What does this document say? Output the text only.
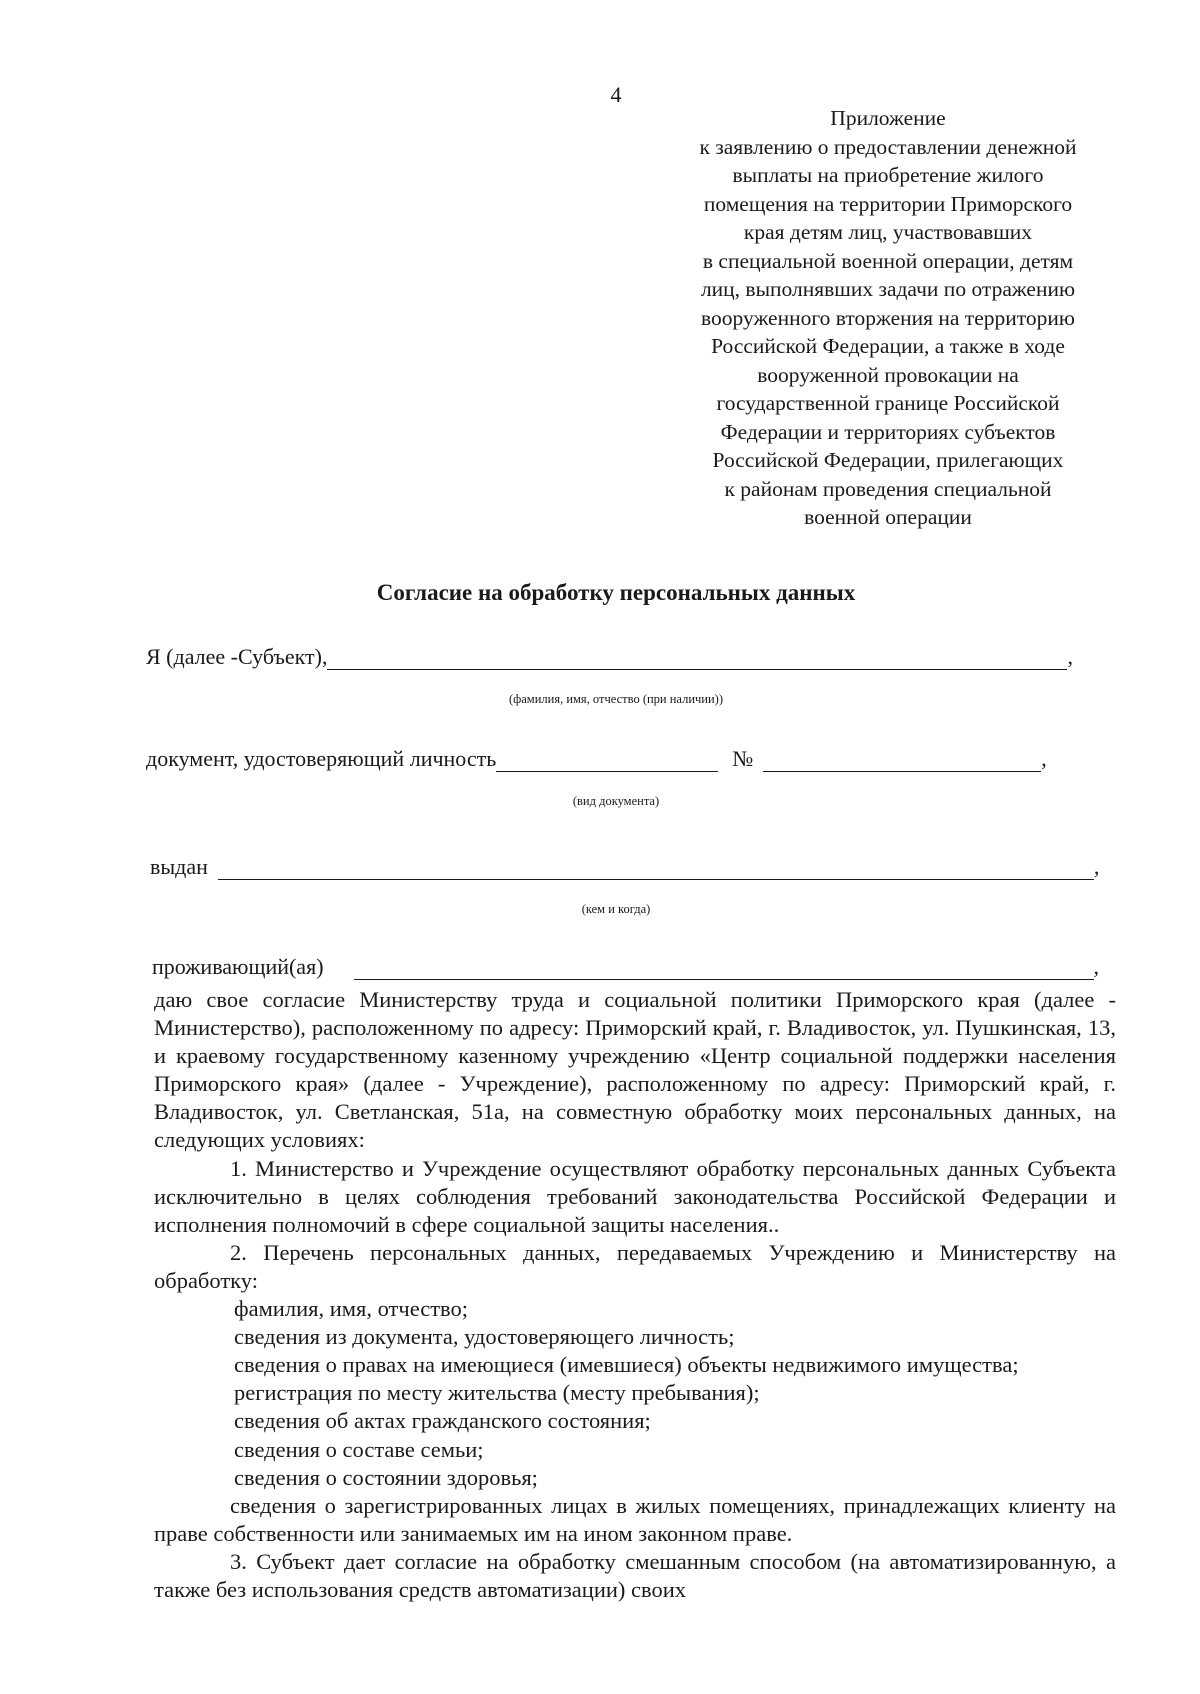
4
Приложение
к заявлению о предоставлении денежной
выплаты на приобретение жилого
помещения на территории Приморского
края детям лиц, участвовавших
в специальной военной операции, детям
лиц, выполнявших задачи по отражению
вооруженного вторжения на территорию
Российской Федерации, а также в ходе
вооруженной провокации на
государственной границе Российской
Федерации и территориях субъектов
Российской Федерации, прилегающих
к районам проведения специальной
военной операции
Согласие на обработку персональных данных
Я (далее -Субъект),	,
(фамилия, имя, отчество (при наличии))
документ, удостоверяющий личность	№	,
(вид документа)
выдан	,
(кем и когда)
проживающий(ая)	,

даю свое согласие Министерству труда и социальной политики Приморского края (далее - Министерство), расположенному по адресу: Приморский край, г. Владивосток, ул. Пушкинская, 13, и краевому государственному казенному учреждению «Центр социальной поддержки населения Приморского края» (далее - Учреждение), расположенному по адресу: Приморский край, г. Владивосток, ул. Светланская, 51а, на совместную обработку моих персональных данных, на следующих условиях:

1. Министерство и Учреждение осуществляют обработку персональных данных Субъекта исключительно в целях соблюдения требований законодательства Российской Федерации и исполнения полномочий в сфере социальной защиты населения..

2. Перечень персональных данных, передаваемых Учреждению и Министерству на обработку:

фамилия, имя, отчество;

сведения из документа, удостоверяющего личность;

сведения о правах на имеющиеся (имевшиеся) объекты недвижимого имущества;

регистрация по месту жительства (месту пребывания);

сведения об актах гражданского состояния;

сведения о составе семьи;

сведения о состоянии здоровья;

сведения о зарегистрированных лицах в жилых помещениях, принадлежащих клиенту на праве собственности или занимаемых им на ином законном праве.

3. Субъект дает согласие на обработку смешанным способом (на автоматизированную, а также без использования средств автоматизации) своих
